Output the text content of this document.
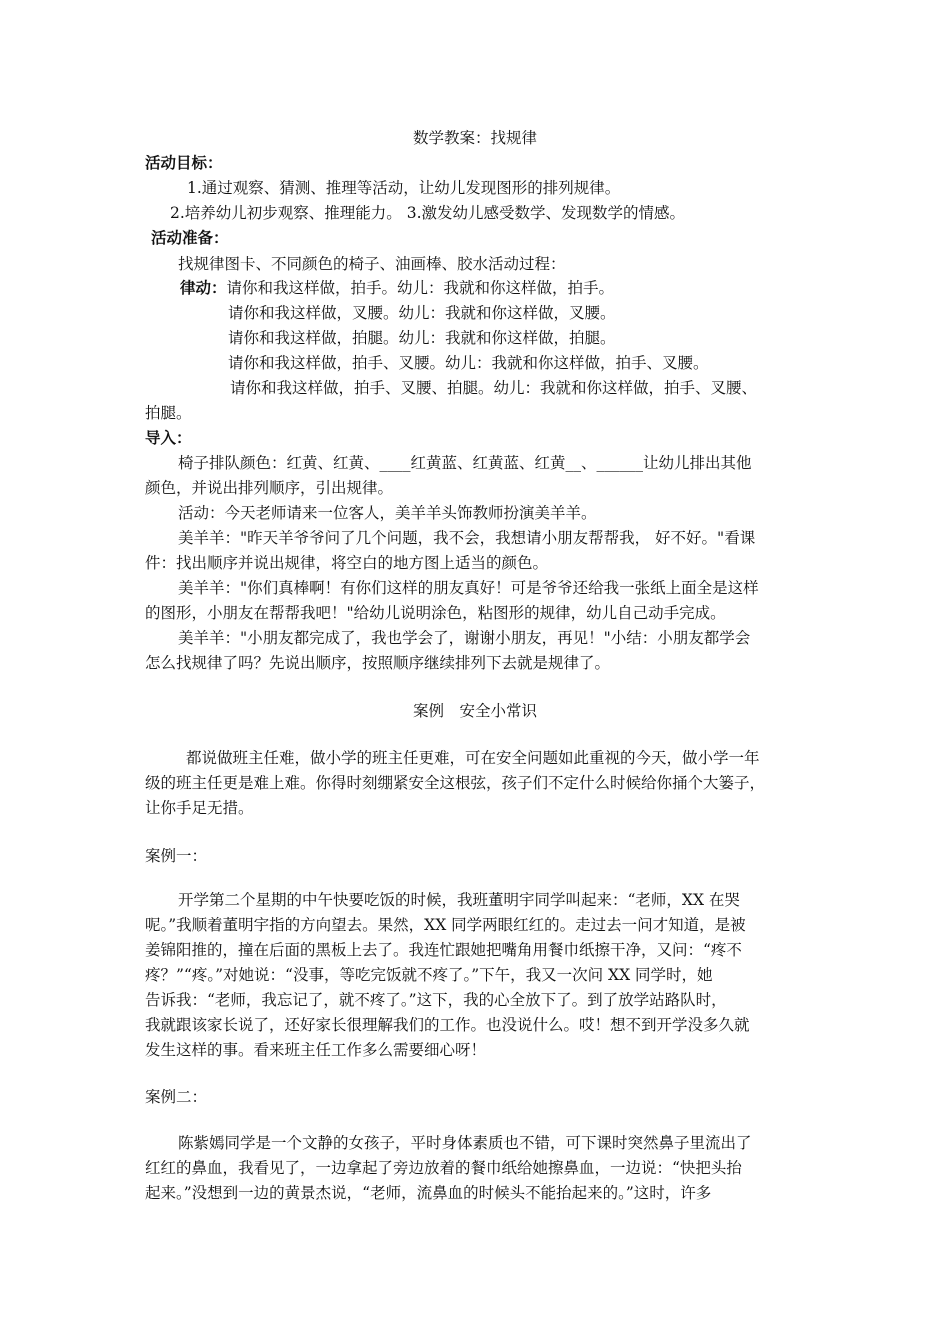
数学教案：找规律
活动目标：
1.通过观察、猜测、推理等活动，让幼儿发现图形的排列规律。
2.培养幼儿初步观察、推理能力。 3.激发幼儿感受数学、发现数学的情感。
活动准备：
找规律图卡、不同颜色的椅子、油画棒、胶水活动过程：
律动：请你和我这样做，拍手。幼儿：我就和你这样做，拍手。
请你和我这样做，叉腰。幼儿：我就和你这样做，叉腰。
请你和我这样做，拍腿。幼儿：我就和你这样做，拍腿。
请你和我这样做，拍手、叉腰。幼儿：我就和你这样做，拍手、叉腰。
请你和我这样做，拍手、叉腰、拍腿。幼儿：我就和你这样做，拍手、叉腰、
拍腿。
导入：
椅子排队颜色：红黄、红黄、____红黄蓝、红黄蓝、红黄__、______让幼儿排出其他
颜色，并说出排列顺序，引出规律。
活动：今天老师请来一位客人，美羊羊头饰教师扮演美羊羊。
美羊羊："昨天羊爷爷问了几个问题，我不会，我想请小朋友帮帮我， 好不好。"看课
件：找出顺序并说出规律，将空白的地方图上适当的颜色。
美羊羊："你们真棒啊！有你们这样的朋友真好！可是爷爷还给我一张纸上面全是这样
的图形，小朋友在帮帮我吧！"给幼儿说明涂色，粘图形的规律，幼儿自己动手完成。
美羊羊："小朋友都完成了，我也学会了，谢谢小朋友，再见！"小结：小朋友都学会
怎么找规律了吗？先说出顺序，按照顺序继续排列下去就是规律了。
案例　安全小常识
都说做班主任难，做小学的班主任更难，可在安全问题如此重视的今天，做小学一年
级的班主任更是难上难。你得时刻绷紧安全这根弦，孩子们不定什么时候给你捅个大篓子，
让你手足无措。
案例一：
开学第二个星期的中午快要吃饭的时候，我班董明宇同学叫起来：“老师，XX 在哭
呢。”我顺着董明宇指的方向望去。果然，XX 同学两眼红红的。走过去一问才知道，是被
姜锦阳推的，撞在后面的黑板上去了。我连忙跟她把嘴角用餐巾纸擦干净，又问：“疼不
疼？”“疼。”对她说：“没事，等吃完饭就不疼了。”下午，我又一次问 XX 同学时，她
告诉我：“老师，我忘记了，就不疼了。”这下，我的心全放下了。到了放学站路队时，
我就跟该家长说了，还好家长很理解我们的工作。也没说什么。哎！想不到开学没多久就
发生这样的事。看来班主任工作多么需要细心呀！
案例二：
陈紫嫣同学是一个文静的女孩子，平时身体素质也不错，可下课时突然鼻子里流出了
红红的鼻血，我看见了，一边拿起了旁边放着的餐巾纸给她擦鼻血，一边说：“快把头抬
起来。”没想到一边的黄景杰说，“老师，流鼻血的时候头不能抬起来的。”这时，许多
